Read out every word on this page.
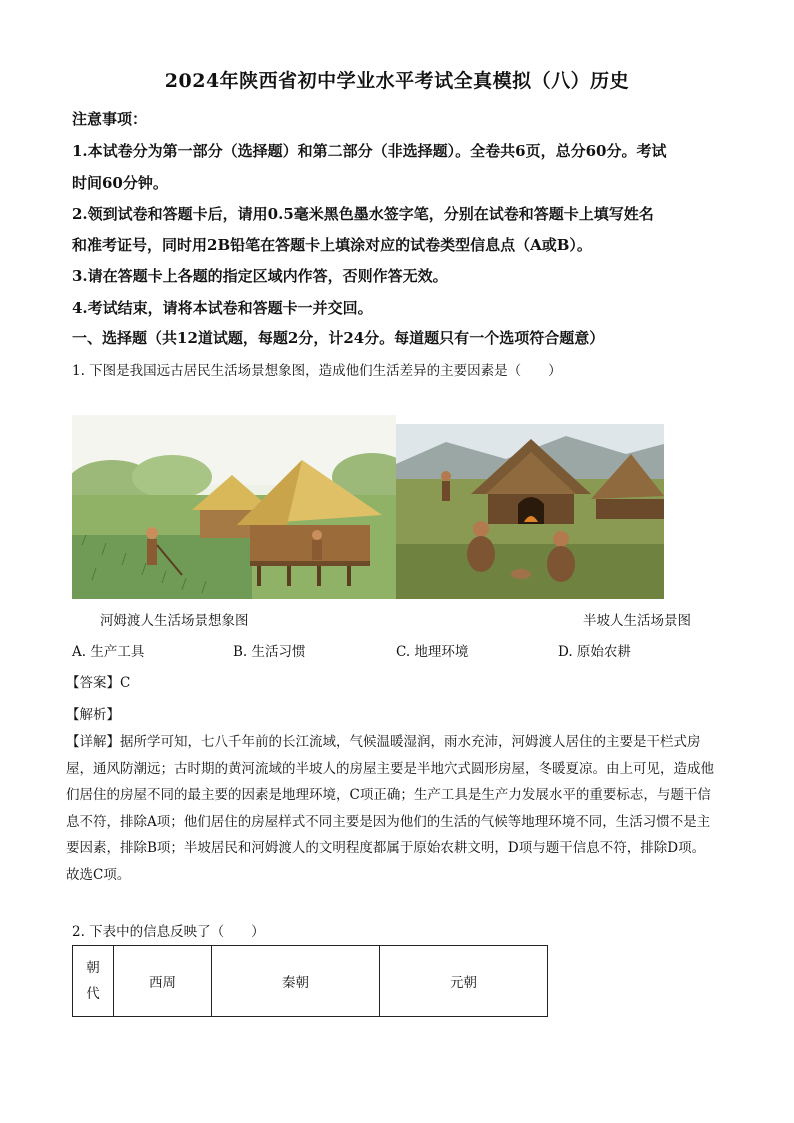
2024年陕西省初中学业水平考试全真模拟（八）历史
注意事项：
1.本试卷分为第一部分（选择题）和第二部分（非选择题）。全卷共6页，总分60分。考试
时间60分钟。
2.领到试卷和答题卡后，请用0.5毫米黑色墨水签字笔，分别在试卷和答题卡上填写姓名
和准考证号，同时用2B铅笔在答题卡上填涂对应的试卷类型信息点（A或B）。
3.请在答题卡上各题的指定区域内作答，否则作答无效。
4.考试结束，请将本试卷和答题卡一并交回。
一、选择题（共12道试题，每题2分，计24分。每道题只有一个选项符合题意）
1. 下图是我国远古居民生活场景想象图，造成他们生活差异的主要因素是（　　）
河姆渡人生活场景想象图	半坡人生活场景图
A. 生产工具	B. 生活习惯	C. 地理环境	D. 原始农耕
【答案】C
【解析】
【详解】据所学可知，七八千年前的长江流域，气候温暖湿润，雨水充沛，河姆渡人居住的主要是干栏式房屋，通风防潮远；古时期的黄河流域的半坡人的房屋主要是半地穴式圆形房屋，冬暖夏凉。由上可见，造成他们居住的房屋不同的最主要的因素是地理环境，C项正确；生产工具是生产力发展水平的重要标志，与题干信息不符，排除A项；他们居住的房屋样式不同主要是因为他们的生活的气候等地理环境不同，生活习惯不是主要因素，排除B项；半坡居民和河姆渡人的文明程度都属于原始农耕文明，D项与题干信息不符，排除D项。故选C项。
2. 下表中的信息反映了（　　）
朝代	西周	秦朝	元朝
